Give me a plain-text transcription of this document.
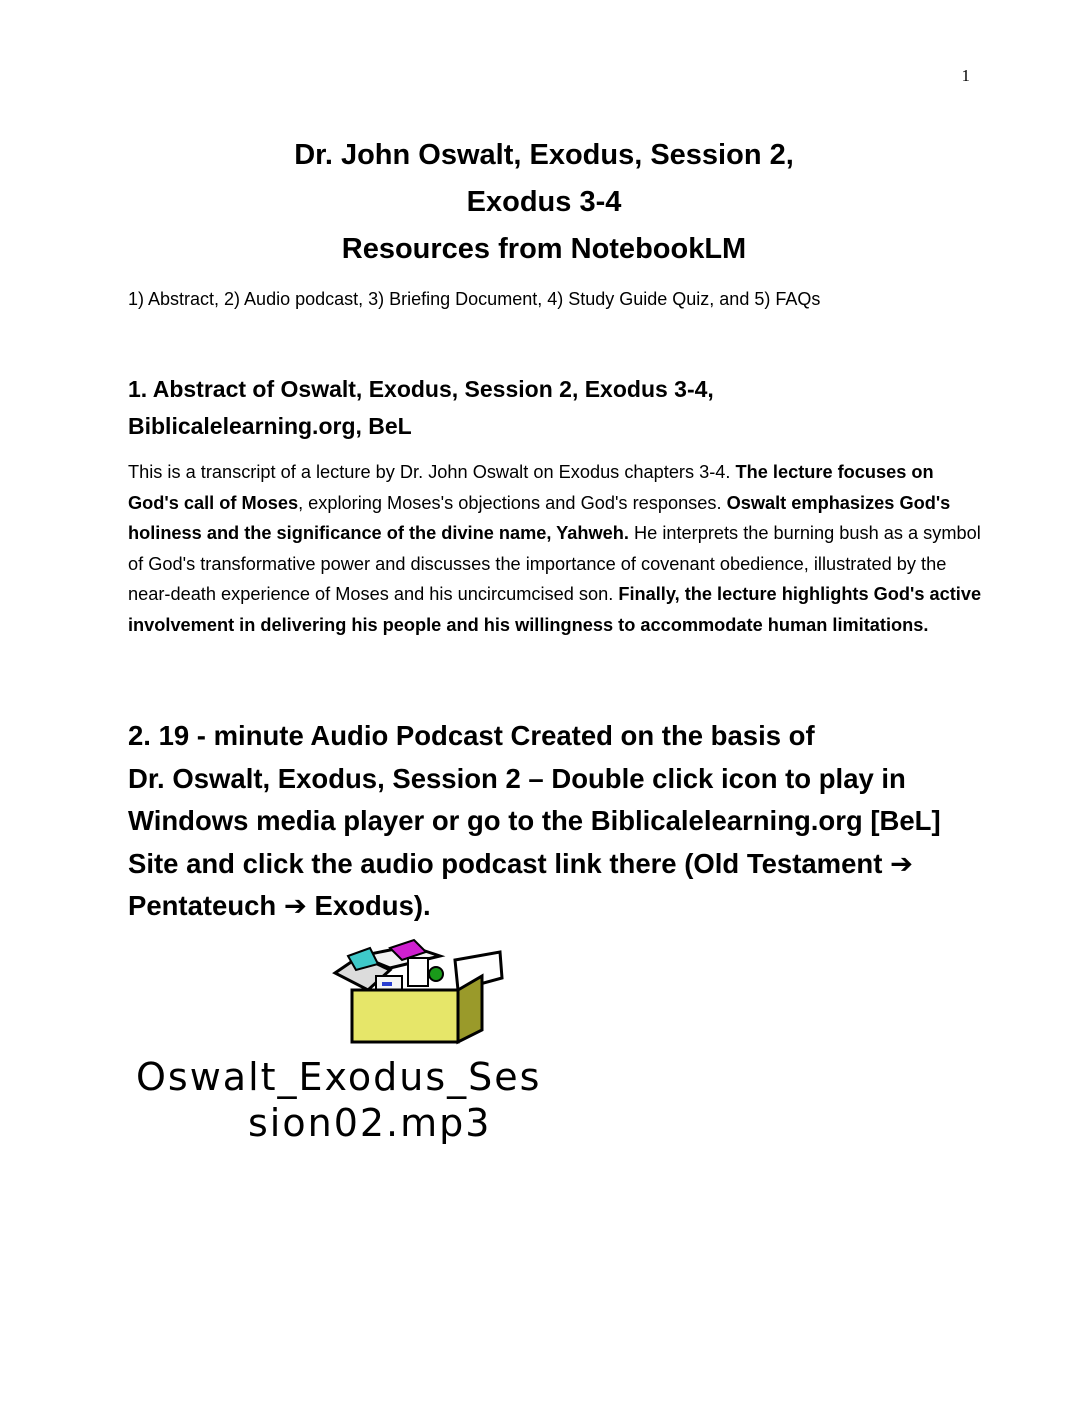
1
Dr. John Oswalt, Exodus, Session 2,
Exodus 3-4
Resources from NotebookLM
1) Abstract, 2) Audio podcast, 3) Briefing Document, 4) Study Guide Quiz, and 5) FAQs
1. Abstract of Oswalt, Exodus, Session 2, Exodus 3-4,
Biblicalelearning.org, BeL
This is a transcript of a lecture by Dr. John Oswalt on Exodus chapters 3-4. The lecture focuses on God's call of Moses, exploring Moses's objections and God's responses. Oswalt emphasizes God's holiness and the significance of the divine name, Yahweh. He interprets the burning bush as a symbol of God's transformative power and discusses the importance of covenant obedience, illustrated by the near-death experience of Moses and his uncircumcised son. Finally, the lecture highlights God's active involvement in delivering his people and his willingness to accommodate human limitations.
2. 19 - minute Audio Podcast Created on the basis of
Dr. Oswalt, Exodus, Session 2 – Double click icon to play in
Windows media player or go to the Biblicalelearning.org [BeL]
Site and click the audio podcast link there (Old Testament ➔
Pentateuch ➔ Exodus).
Oswalt_Exodus_Ses
sion02.mp3
